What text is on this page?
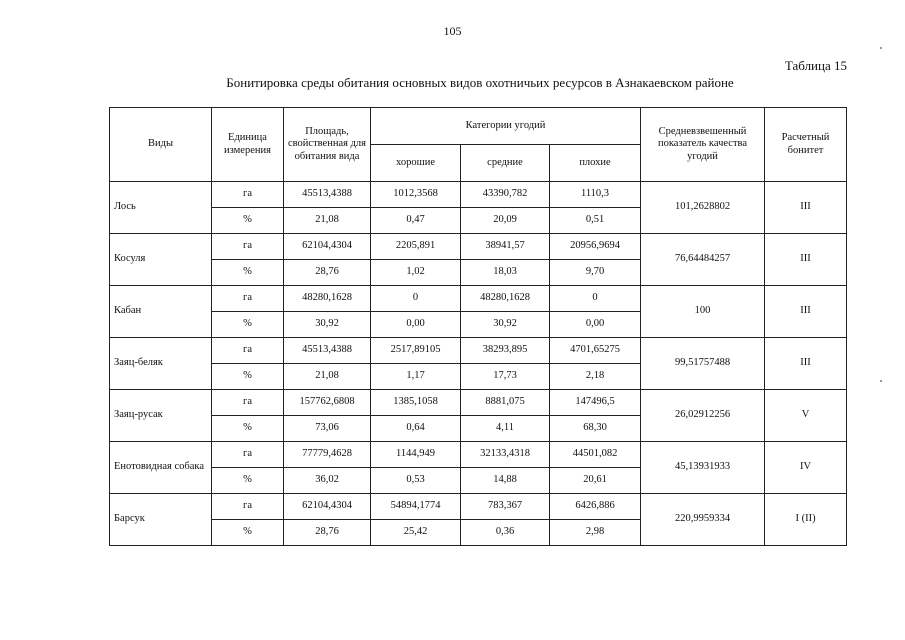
105
Таблица 15
Бонитировка среды обитания основных видов охотничьих ресурсов в Азнакаевском районе
Виды	Единица измерения	Площадь, свойственная для обитания вида	Категории угодий			Средневзвешенный показатель качества угодий	Расчетный бонитет
			хорошие	средние	плохие		
Лось	га	45513,4388	1012,3568	43390,782	1110,3	101,2628802	III
	%	21,08	0,47	20,09	0,51		
Косуля	га	62104,4304	2205,891	38941,57	20956,9694	76,64484257	III
	%	28,76	1,02	18,03	9,70		
Кабан	га	48280,1628	0	48280,1628	0	100	III
	%	30,92	0,00	30,92	0,00		
Заяц-беляк	га	45513,4388	2517,89105	38293,895	4701,65275	99,51757488	III
	%	21,08	1,17	17,73	2,18		
Заяц-русак	га	157762,6808	1385,1058	8881,075	147496,5	26,02912256	V
	%	73,06	0,64	4,11	68,30		
Енотовидная собака	га	77779,4628	1144,949	32133,4318	44501,082	45,13931933	IV
	%	36,02	0,53	14,88	20,61		
Барсук	га	62104,4304	54894,1774	783,367	6426,886	220,9959334	I (II)
	%	28,76	25,42	0,36	2,98		
